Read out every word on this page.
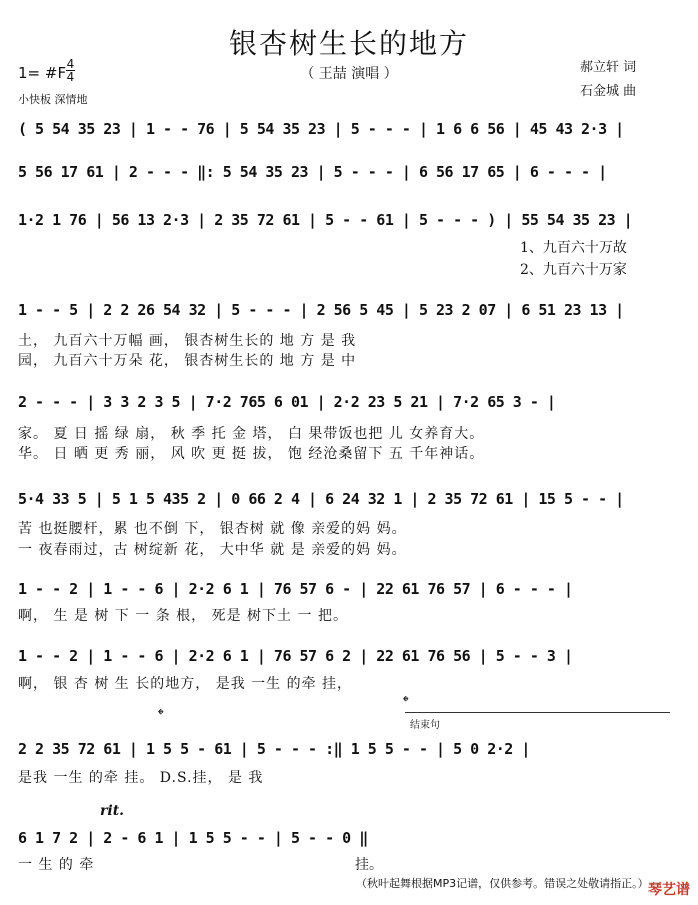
银杏树生长的地方
（ 王喆 演唱 ）
1= #F 4
4
小快板 深情地
郝立轩 词
石金城 曲
( 5 54 35 23 | 1 - - 76 | 5 54 35 23 | 5 - - - | 1 6 6 56 | 45 43 2·3 |
5 56 17 61 | 2 - - - ‖: 5 54 35 23 | 5 - - - | 6 56 17 65 | 6 - - - |
1·2 1 76 | 56 13 2·3 | 2 35 72 61 | 5 - - 61 | 5 - - - ) | 55 54 35 23 |
1、九百六十万故
2、九百六十万家
1 - - 5 | 2 2 26 54 32 | 5 - - - | 2 56 5 45 | 5 23 2 07 | 6 51 23 13 |
土， 九百六十万幅 画， 银杏树生长的 地 方 是 我
园， 九百六十万朵 花， 银杏树生长的 地 方 是 中
2 - - - | 3 3 2 3 5 | 7·2 765 6 01 | 2·2 23 5 21 | 7·2 65 3 - |
家。 夏 日 摇 绿 扇， 秋 季 托 金 塔， 白 果带饭也把 儿 女养育大。
华。 日 晒 更 秀 丽， 风 吹 更 挺 拔， 饱 经沧桑留下 五 千年神话。
5·4 33 5 | 5 1 5 435 2 | 0 66 2 4 | 6 24 32 1 | 2 35 72 61 | 15 5 - - |
苦 也挺腰杆，累 也不倒 下， 银杏树 就 像 亲爱的妈 妈。
一 夜春雨过，古 树绽新 花， 大中华 就 是 亲爱的妈 妈。
1 - - 2 | 1 - - 6 | 2·2 6 1 | 76 57 6 - | 22 61 76 57 | 6 - - - |
啊， 生 是 树 下 一 条 根， 死是 树下土 一 把。
1 - - 2 | 1 - - 6 | 2·2 6 1 | 76 57 6 2 | 22 61 76 56 | 5 - - 3 |
啊， 银 杏 树 生 长的地方， 是我 一生 的牵 挂，
𝄌
𝄌
结束句
2 2 35 72 61 | 1 5 5 - 61 | 5 - - - :‖ 1 5 5 - - | 5 0 2·2 |
是我 一生 的牵 挂。 D.S.挂， 是 我
rit.
6 1 7 2 | 2 - 6 1 | 1 5 5 - - | 5 - - 0 ‖
一 生 的 牵	挂。
（秋叶起舞根据MP3记谱，仅供参考。错误之处敬请指正。） 琴艺谱
